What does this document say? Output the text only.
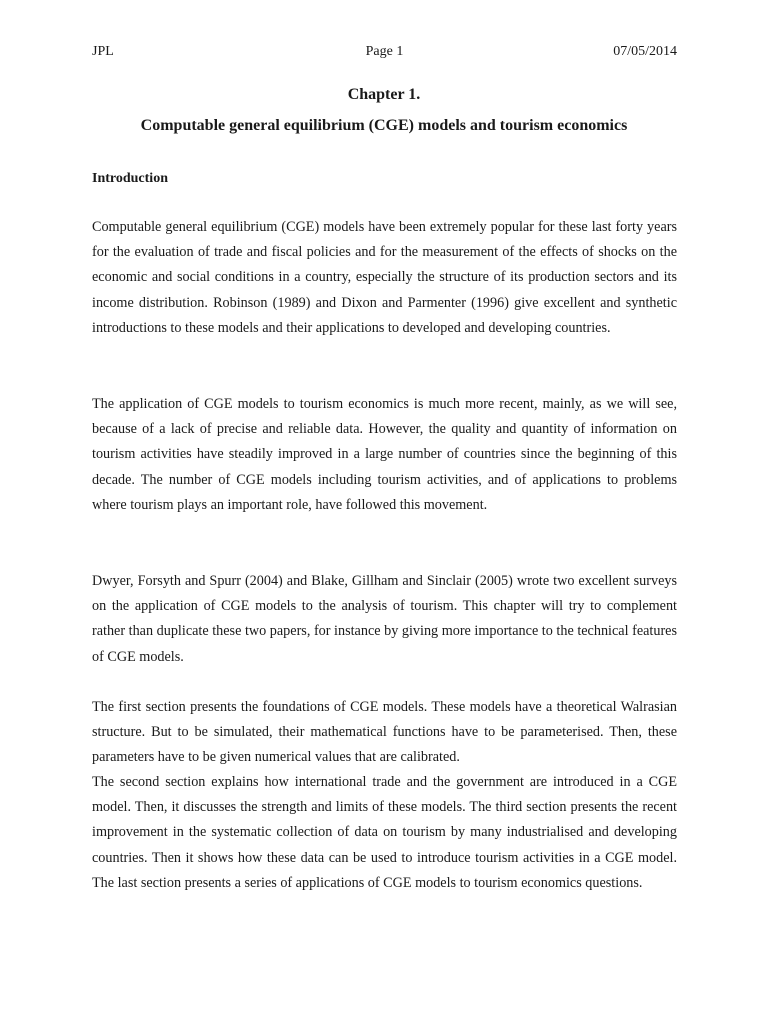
JPL	Page 1	07/05/2014
Chapter 1.
Computable general equilibrium (CGE) models and tourism economics
Introduction

Computable general equilibrium (CGE) models have been extremely popular for these last forty years for the evaluation of trade and fiscal policies and for the measurement of the effects of shocks on the economic and social conditions in a country, especially the structure of its production sectors and its income distribution. Robinson (1989) and Dixon and Parmenter (1996) give excellent and synthetic introductions to these models and their applications to developed and developing countries.

The application of CGE models to tourism economics is much more recent, mainly, as we will see, because of a lack of precise and reliable data. However, the quality and quantity of information on tourism activities have steadily improved in a large number of countries since the beginning of this decade. The number of CGE models including tourism activities, and of applications to problems where tourism plays an important role, have followed this movement.

Dwyer, Forsyth and Spurr (2004) and Blake, Gillham and Sinclair (2005) wrote two excellent surveys on the application of CGE models to the analysis of tourism. This chapter will try to complement rather than duplicate these two papers, for instance by giving more importance to the technical features of CGE models.

The first section presents the foundations of CGE models. These models have a theoretical Walrasian structure. But to be simulated, their mathematical functions have to be parameterised. Then, these parameters have to be given numerical values that are calibrated.

The second section explains how international trade and the government are introduced in a CGE model. Then, it discusses the strength and limits of these models. The third section presents the recent improvement in the systematic collection of data on tourism by many industrialised and developing countries. Then it shows how these data can be used to introduce tourism activities in a CGE model. The last section presents a series of applications of CGE models to tourism economics questions.
